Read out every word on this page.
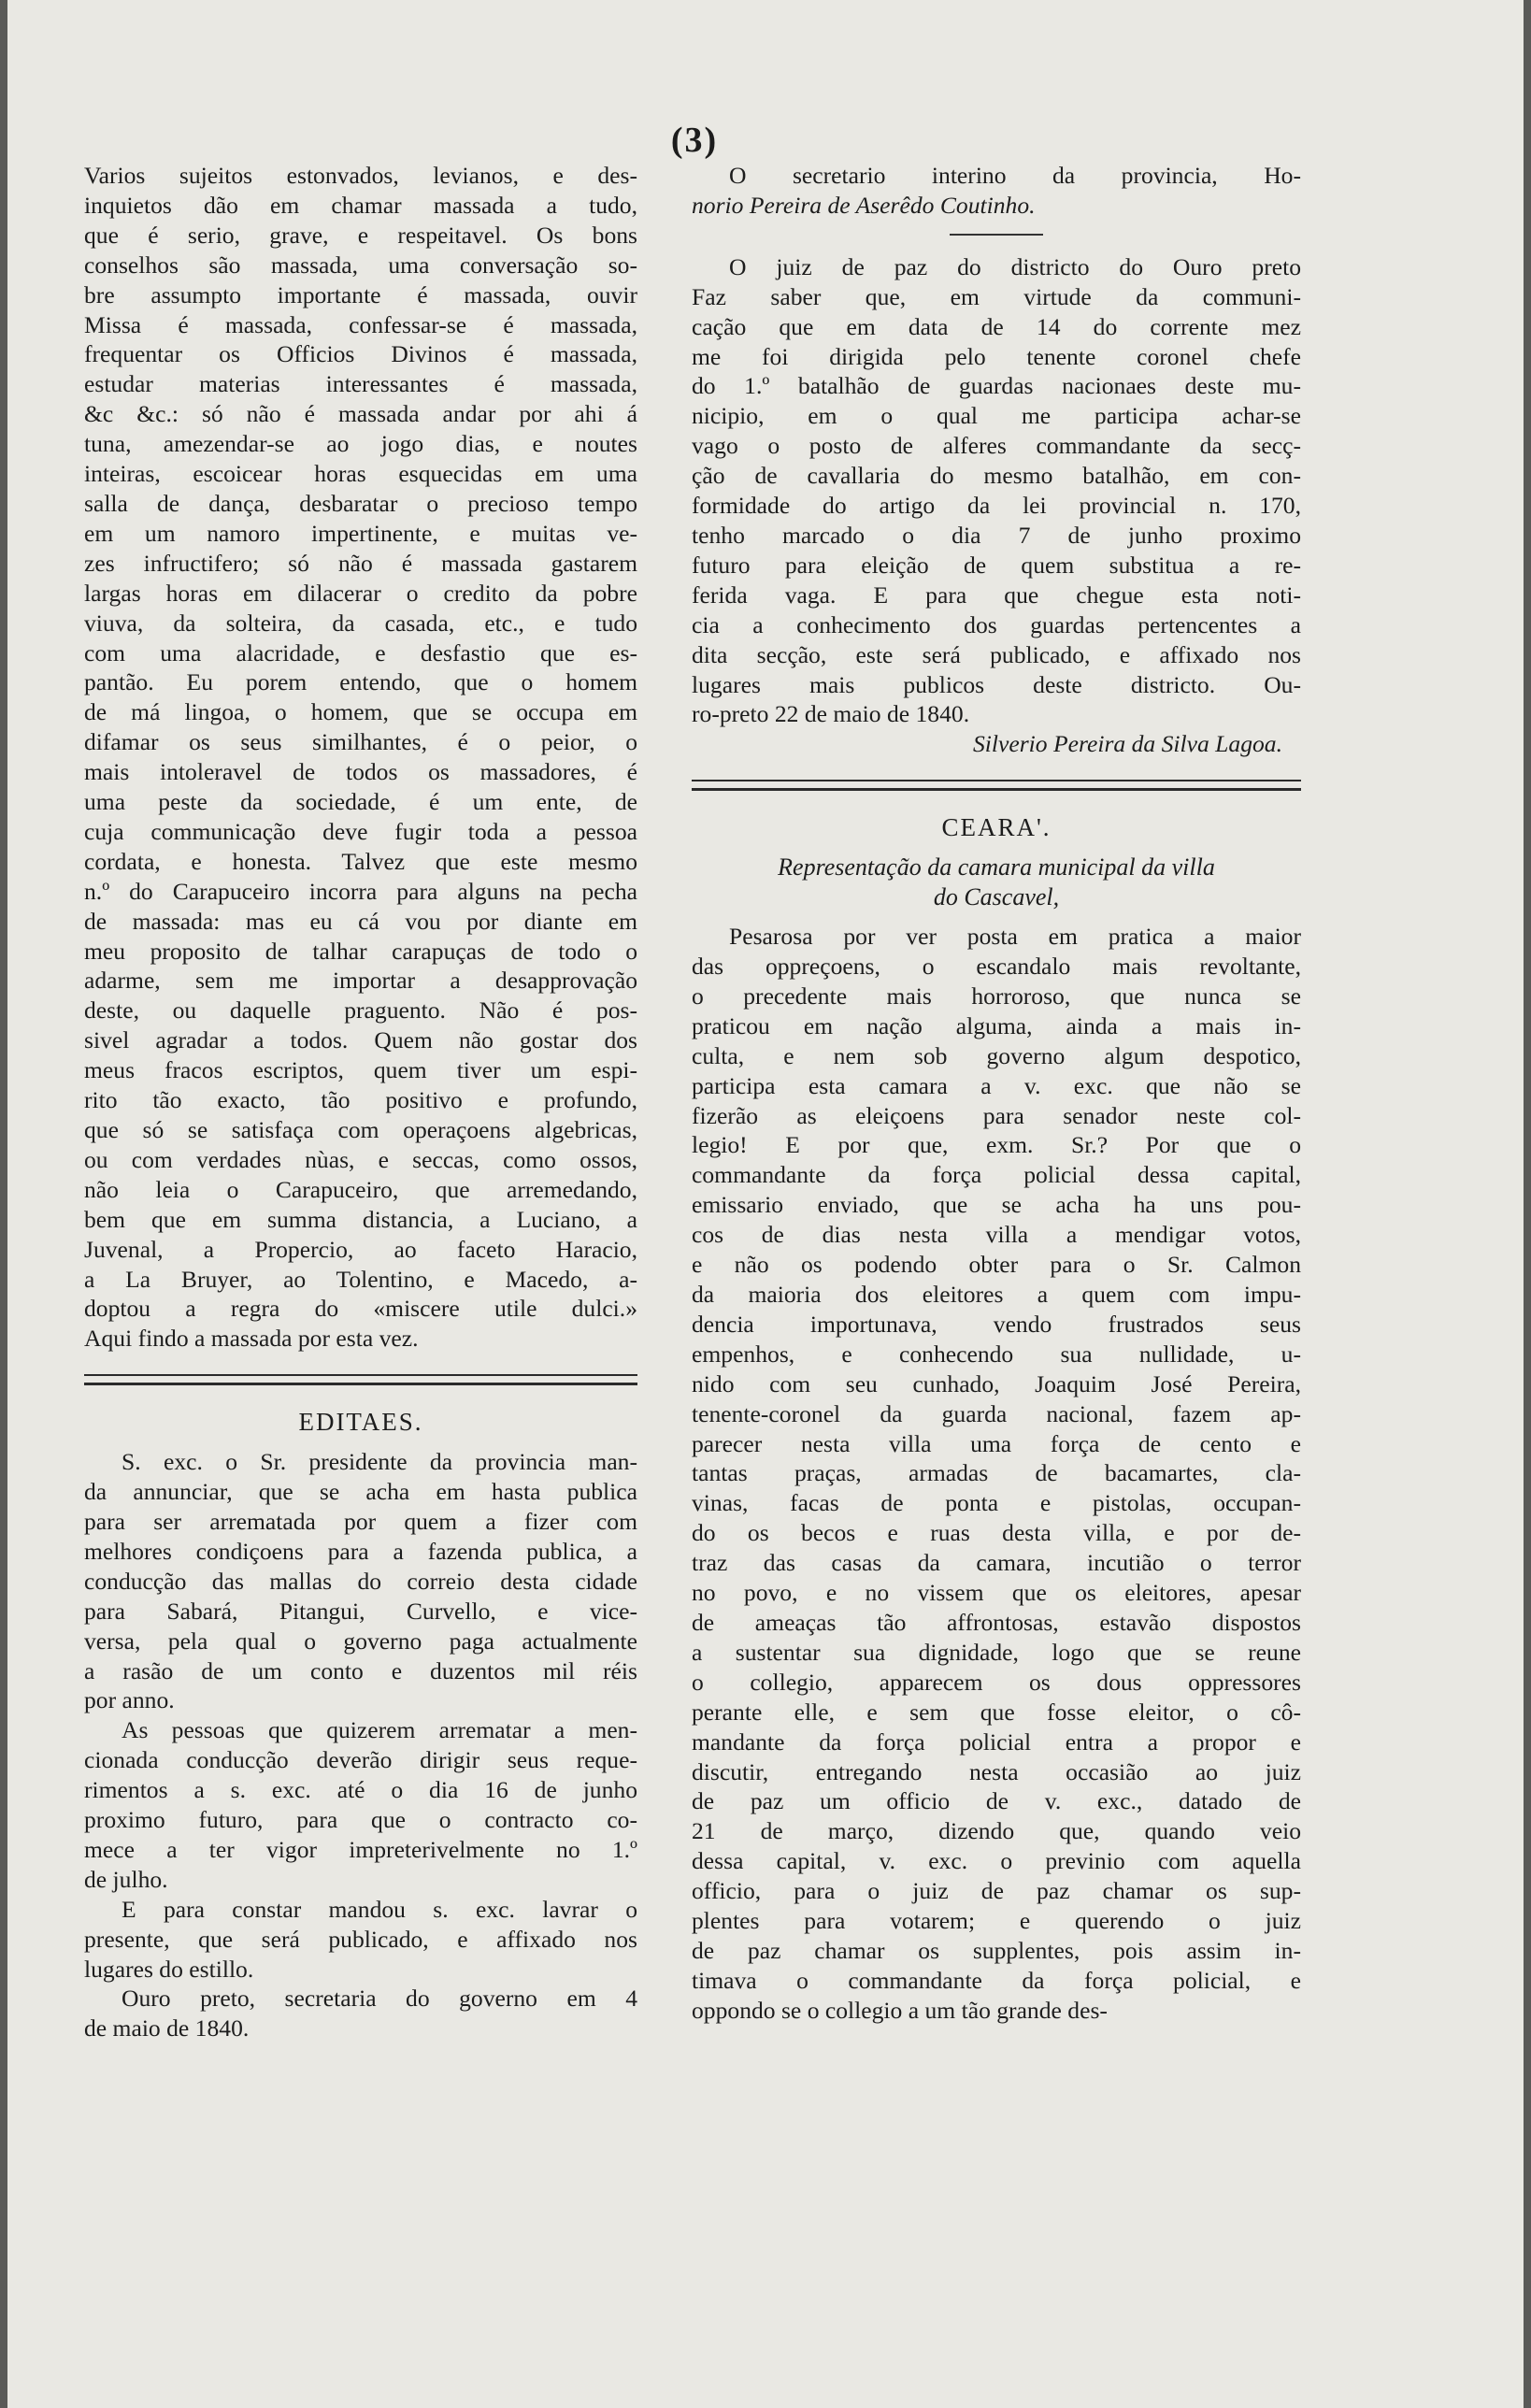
(3)
Varios sujeitos estonvados, levianos, e des-
inquietos dão em chamar massada a tudo,
que é serio, grave, e respeitavel. Os bons
conselhos são massada, uma conversação so-
bre assumpto importante é massada, ouvir
Missa é massada, confessar-se é massada,
frequentar os Officios Divinos é massada,
estudar materias interessantes é massada,
&c &c.: só não é massada andar por ahi á
tuna, amezendar-se ao jogo dias, e noutes
inteiras, escoicear horas esquecidas em uma
salla de dança, desbaratar o precioso tempo
em um namoro impertinente, e muitas ve-
zes infructifero; só não é massada gastarem
largas horas em dilacerar o credito da pobre
viuva, da solteira, da casada, etc., e tudo
com uma alacridade, e desfastio que es-
pantão. Eu porem entendo, que o homem
de má lingoa, o homem, que se occupa em
difamar os seus similhantes, é o peior, o
mais intoleravel de todos os massadores, é
uma peste da sociedade, é um ente, de
cuja communicação deve fugir toda a pessoa
cordata, e honesta. Talvez que este mesmo
n.º do Carapuceiro incorra para alguns na pecha
de massada: mas eu cá vou por diante em
meu proposito de talhar carapuças de todo o
adarme, sem me importar a desapprovação
deste, ou daquelle praguento. Não é pos-
sivel agradar a todos. Quem não gostar dos
meus fracos escriptos, quem tiver um espi-
rito tão exacto, tão positivo e profundo,
que só se satisfaça com operaçoens algebricas,
ou com verdades nùas, e seccas, como ossos,
não leia o Carapuceiro, que arremedando,
bem que em summa distancia, a Luciano, a
Juvenal, a Propercio, ao faceto Haracio,
a La Bruyer, ao Tolentino, e Macedo, a-
doptou a regra do «miscere utile dulci.»
Aqui findo a massada por esta vez.
EDITAES.
S. exc. o Sr. presidente da provincia man-
da annunciar, que se acha em hasta publica
para ser arrematada por quem a fizer com
melhores condiçoens para a fazenda publica, a
conducção das mallas do correio desta cidade
para Sabará, Pitangui, Curvello, e vice-
versa, pela qual o governo paga actualmente
a rasão de um conto e duzentos mil réis
por anno.
As pessoas que quizerem arrematar a men-
cionada conducção deverão dirigir seus reque-
rimentos a s. exc. até o dia 16 de junho
proximo futuro, para que o contracto co-
mece a ter vigor impreterivelmente no 1.º
de julho.
E para constar mandou s. exc. lavrar o
presente, que será publicado, e affixado nos
lugares do estillo.
Ouro preto, secretaria do governo em 4
de maio de 1840.
O secretario interino da provincia, Ho-
norio Pereira de Aserêdo Coutinho.
O juiz de paz do districto do Ouro preto
Faz saber que, em virtude da communi-
cação que em data de 14 do corrente mez
me foi dirigida pelo tenente coronel chefe
do 1.º batalhão de guardas nacionaes deste mu-
nicipio, em o qual me participa achar-se
vago o posto de alferes commandante da secç-
ção de cavallaria do mesmo batalhão, em con-
formidade do artigo da lei provincial n. 170,
tenho marcado o dia 7 de junho proximo
futuro para eleição de quem substitua a re-
ferida vaga. E para que chegue esta noti-
cia a conhecimento dos guardas pertencentes a
dita secção, este será publicado, e affixado nos
lugares mais publicos deste districto. Ou-
ro-preto 22 de maio de 1840.
Silverio Pereira da Silva Lagoa.
CEARA'.
Representação da camara municipal da villa
do Cascavel,
Pesarosa por ver posta em pratica a maior
das oppreçoens, o escandalo mais revoltante,
o precedente mais horroroso, que nunca se
praticou em nação alguma, ainda a mais in-
culta, e nem sob governo algum despotico,
participa esta camara a v. exc. que não se
fizerão as eleiçoens para senador neste col-
legio! E por que, exm. Sr.? Por que o
commandante da força policial dessa capital,
emissario enviado, que se acha ha uns pou-
cos de dias nesta villa a mendigar votos,
e não os podendo obter para o Sr. Calmon
da maioria dos eleitores a quem com impu-
dencia importunava, vendo frustrados seus
empenhos, e conhecendo sua nullidade, u-
nido com seu cunhado, Joaquim José Pereira,
tenente-coronel da guarda nacional, fazem ap-
parecer nesta villa uma força de cento e
tantas praças, armadas de bacamartes, cla-
vinas, facas de ponta e pistolas, occupan-
do os becos e ruas desta villa, e por de-
traz das casas da camara, incutião o terror
no povo, e no vissem que os eleitores, apesar
de ameaças tão affrontosas, estavão dispostos
a sustentar sua dignidade, logo que se reune
o collegio, apparecem os dous oppressores
perante elle, e sem que fosse eleitor, o cô-
mandante da força policial entra a propor e
discutir, entregando nesta occasião ao juiz
de paz um officio de v. exc., datado de
21 de março, dizendo que, quando veio
dessa capital, v. exc. o previnio com aquella
officio, para o juiz de paz chamar os sup-
plentes para votarem; e querendo o juiz
de paz chamar os supplentes, pois assim in-
timava o commandante da força policial, e
oppondo se o collegio a um tão grande des-
